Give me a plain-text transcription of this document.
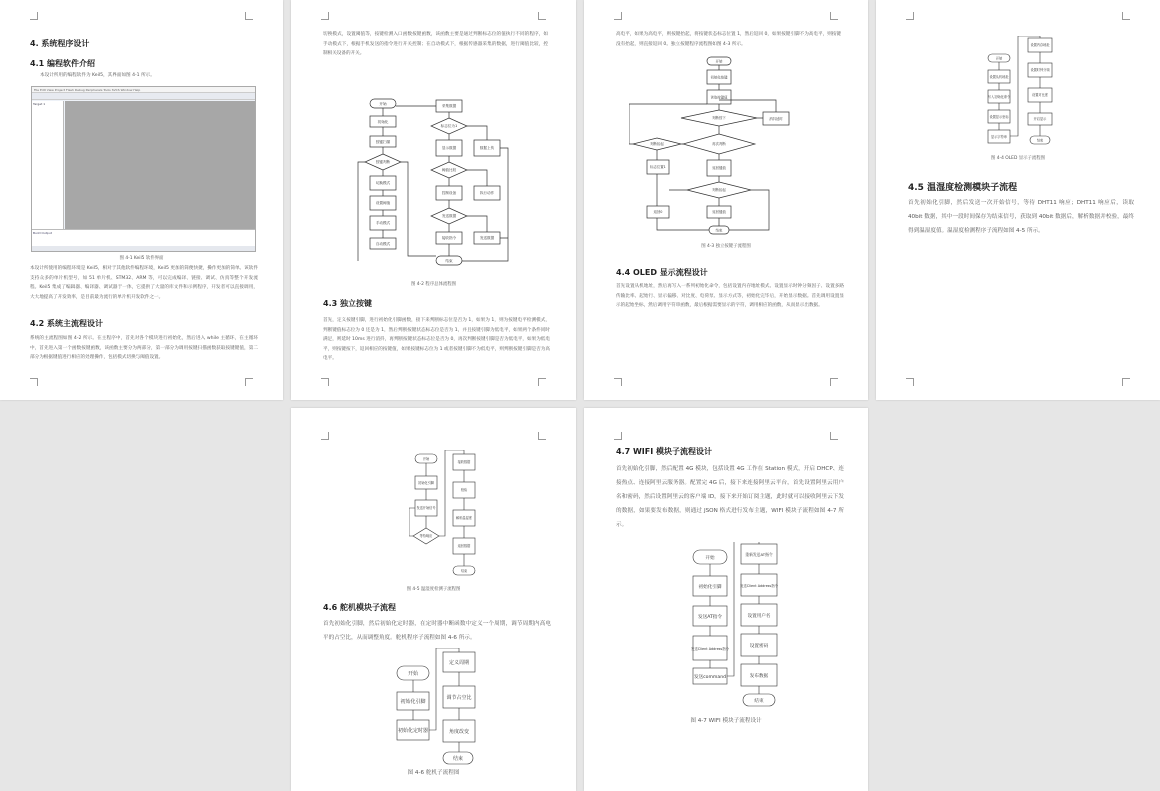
4. 系统程序设计
4.1 编程软件介绍
本设计所用的编程软件为 Keil5，其界面如图 4-1 所示。
File Edit View Project Flash Debug Peripherals Tools SVCS Window Help
Target 1
Build Output
图 4-1 Keil5 软件界面
本设计所使用的编程环境是 Keil5，相对于其他软件编程环境，Keil5 更加的简便快捷，操作更加的简单。该软件支持众多的单片机型号，如 51 单片机、STM32、ARM 等，可以完成编译、链接、调试、仿真等整个开发流程。Keil5 集成了编辑器、编译器、调试器于一体，它提供了大量的库文件和示例程序，开发者可以直接调用，大大地提高了开发效率，是目前最为流行的单片机开发软件之一。
4.2 系统主流程设计
系统的主流程图如图 4-2 所示。在主程序中，首先对各个模块进行初始化，然后进入 while 主循环，在主循环中，首先进入第一个函数按键函数，该函数主要分为两部分，第一部分为调用按键扫描函数获取按键键值，第二部分为根据键值进行相应的处理操作，包括模式切换与阈值设置。
切换模式，设置阈值等，按键检测入口函数按键函数，该函数主要是通过判断标志位的值执行不同的程序，如手动模式下，根据手机发送的指令进行开关控制；在自动模式下，根据传感器采集的数据，进行阈值比较，控制相关设备的开关。
开始
初始化
按键扫描
按键判断
切换模式
设置阈值
手动模式
自动模式
采集数据
标志位为1
显示数据	数据上传
阈值比较
控制设备	执行动作
发送数据
接收指令	发送数据
结束
图 4-2 程序总体流程图
4.3 独立按键
首先，定义按键引脚，进行初始化引脚函数，接下来判断标志位是否为 1，如果为 1，则为按键电平检测模式，判断键值标志位为 0 还是为 1，然后判断按键状态标志位是否为 1，并且按键引脚为低电平，如果两个条件同时满足，则延时 10ms 进行消抖，再判断按键状态标志位是否为 0，再次判断按键引脚是否为低电平，如果为低电平，则按键按下，返回相应的按键值，如果按键标志位为 1 或者按键引脚不为低电平，则判断按键引脚是否为高电平。
高电平，如果为高电平，则按键抬起，将按键状态标志位置 1，然后返回 0，如果按键引脚不为高电平，则按键没有抬起，则直接返回 0。独立按键程序流程图如图 4-3 所示。
开始
初始化按键
读取按键值
判断按下	消抖延时
再次判断
判断抬起
标志位置1	返回键值
判断抬起
返回0	返回键值
结束
图 4-3 独立按键子流程图
4.4 OLED 显示流程设计
首先设置从机地址，然后再写入一系列初始化命令，包括设置内存地址模式、设置显示时钟分频因子、设置多路传输比率、起始行、显示偏移、对比度、电荷泵、显示方式等，初始化完毕后，开始显示数据。首先调用设置显示的起始坐标，然后调用字符串函数，最后根据需要显示的字符，调用相应的函数，从而显示出数据。
开始
设置从机地址
写入初始化命令
设置显示坐标
显示字符串
设置内存地址
设置时钟分频
设置对比度
开启显示
结束
图 4-4 OLED 显示子流程图
4.5 温湿度检测模块子流程
首先初始化引脚，然后发送一次开始信号，等待 DHT11 响应；DHT11 响应后，读取 40bit 数据，其中一段时间保存为结束信号，获取到 40bit 数据后，解析数据并校验，最终得到温湿度值。温湿度检测程序子流程如图 4-5 所示。
开始
初始化引脚
发送开始信号
等待响应
接收数据
校验
解析温湿度
返回数据
结束
图 4-5 温湿度检测子流程图
4.6 舵机模块子流程
首先初始化引脚，然后初始化定时器，在定时器中断函数中定义一个周期，调节周期内高电平的占空比，从而调整角度。舵机程序子流程如图 4-6 所示。
开始
初始化引脚
初始化定时器
定义周期
调节占空比
角度改变
结束
图 4-6 舵机子流程图
4.7 WIFI 模块子流程设计
首先初始化引脚，然后配置 4G 模块，包括设置 4G 工作在 Station 模式，开启 DHCP、连接热点、连接阿里云服务器。配置完 4G 后，接下来连接阿里云平台，首先设置阿里云用户名和密码，然后设置阿里云的客户端 ID，接下来开始订阅主题，此时就可以接收阿里云下发的数据，如果要发布数据，则通过 JSON 格式进行发布主题，WIFI 模块子流程如图 4-7 所示。
开始
初始化引脚
发送AT指令
发送Client Address指令
发送command
重新发送AT指令
发送Client Address指令
设置用户名
设置密码
发布数据
结束
图 4-7 WIFI 模块子流程设计
